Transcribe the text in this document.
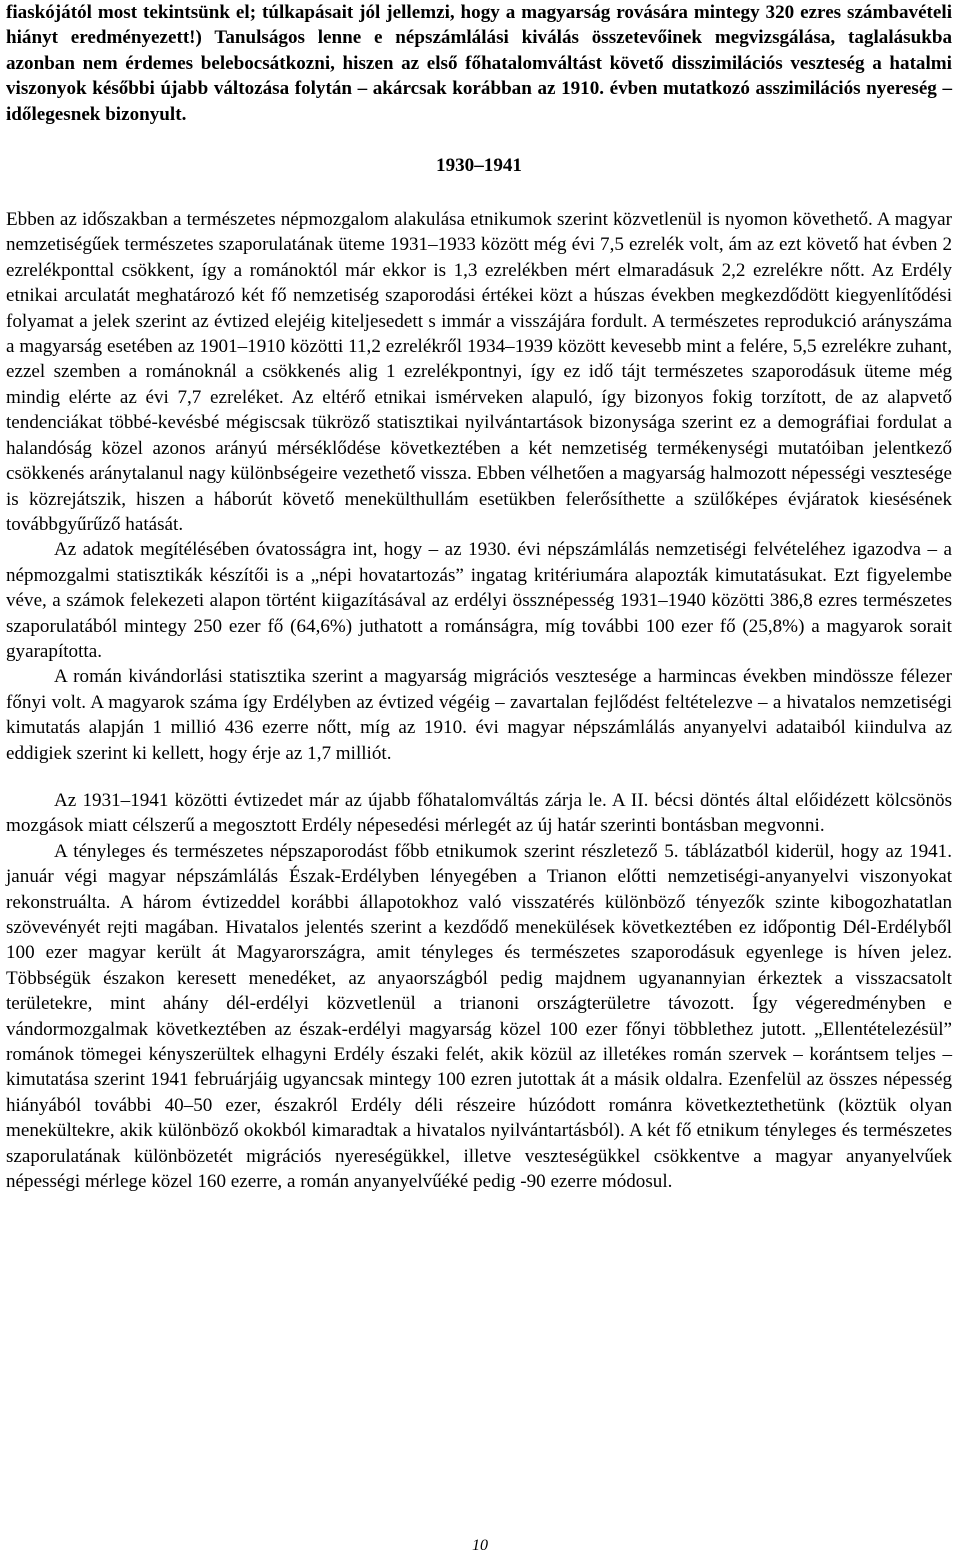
fiaskójától most tekintsünk el; túlkapásait jól jellemzi, hogy a magyarság rovására mintegy 320 ezres számbavételi hiányt eredményezett!) Tanulságos lenne e népszámlálási kiválás összetevőinek megvizsgálása, taglalásukba azonban nem érdemes belebocsátkozni, hiszen az első főhatalomváltást követő disszimilációs veszteség a hatalmi viszonyok későbbi újabb változása folytán – akárcsak korábban az 1910. évben mutatkozó asszimilációs nyereség – időlegesnek bizonyult.

1930–1941

Ebben az időszakban a természetes népmozgalom alakulása etnikumok szerint közvetlenül is nyomon követhető. A magyar nemzetiségűek természetes szaporulatának üteme 1931–1933 között még évi 7,5 ezrelék volt, ám az ezt követő hat évben 2 ezrelékponttal csökkent, így a románoktól már ekkor is 1,3 ezrelékben mért elmaradásuk 2,2 ezrelékre nőtt. Az Erdély etnikai arculatát meghatározó két fő nemzetiség szaporodási értékei közt a húszas években megkezdődött kiegyenlítődési folyamat a jelek szerint az évtized elejéig kiteljesedett s immár a visszájára fordult. A természetes reprodukció arányszáma a magyarság esetében az 1901–1910 közötti 11,2 ezrelékről 1934–1939 között kevesebb mint a felére, 5,5 ezrelékre zuhant, ezzel szemben a románoknál a csökkenés alig 1 ezrelékpontnyi, így ez idő tájt természetes szaporodásuk üteme még mindig elérte az évi 7,7 ezreléket. Az eltérő etnikai ismérveken alapuló, így bizonyos fokig torzított, de az alapvető tendenciákat többé-kevésbé mégiscsak tükröző statisztikai nyilvántartások bizonysága szerint ez a demográfiai fordulat a halandóság közel azonos arányú mérséklődése következtében a két nemzetiség termékenységi mutatóiban jelentkező csökkenés aránytalanul nagy különbségeire vezethető vissza. Ebben vélhetően a magyarság halmozott népességi vesztesége is közrejátszik, hiszen a háborút követő menekülthullám esetükben felerősíthette a szülőképes évjáratok kiesésének továbbgyűrűző hatását.

Az adatok megítélésében óvatosságra int, hogy – az 1930. évi népszámlálás nemzetiségi felvételéhez igazodva – a népmozgalmi statisztikák készítői is a „népi hovatartozás” ingatag kritériumára alapozták kimutatásukat. Ezt figyelembe véve, a számok felekezeti alapon történt kiigazításával az erdélyi össznépesség 1931–1940 közötti 386,8 ezres természetes szaporulatából mintegy 250 ezer fő (64,6%) juthatott a románságra, míg további 100 ezer fő (25,8%) a magyarok sorait gyarapította.

A román kivándorlási statisztika szerint a magyarság migrációs vesztesége a harmincas években mindössze félezer főnyi volt. A magyarok száma így Erdélyben az évtized végéig – zavartalan fejlődést feltételezve – a hivatalos nemzetiségi kimutatás alapján 1 millió 436 ezerre nőtt, míg az 1910. évi magyar népszámlálás anyanyelvi adataiból kiindulva az eddigiek szerint ki kellett, hogy érje az 1,7 milliót.

Az 1931–1941 közötti évtizedet már az újabb főhatalomváltás zárja le. A II. bécsi döntés által előidézett kölcsönös mozgások miatt célszerű a megosztott Erdély népesedési mérlegét az új határ szerinti bontásban megvonni.

A tényleges és természetes népszaporodást főbb etnikumok szerint részletező 5. táblázatból kiderül, hogy az 1941. január végi magyar népszámlálás Észak-Erdélyben lényegében a Trianon előtti nemzetiségi-anyanyelvi viszonyokat rekonstruálta. A három évtizeddel korábbi állapotokhoz való visszatérés különböző tényezők szinte kibogozhatatlan szövevényét rejti magában. Hivatalos jelentés szerint a kezdődő menekülések következtében ez időpontig Dél-Erdélyből 100 ezer magyar került át Magyarországra, amit tényleges és természetes szaporodásuk egyenlege is híven jelez. Többségük északon keresett menedéket, az anyaországból pedig majdnem ugyanannyian érkeztek a visszacsatolt területekre, mint ahány dél-erdélyi közvetlenül a trianoni országterületre távozott. Így végeredményben e vándormozgalmak következtében az észak-erdélyi magyarság közel 100 ezer főnyi többlethez jutott. „Ellentételezésül” románok tömegei kényszerültek elhagyni Erdély északi felét, akik közül az illetékes román szervek – korántsem teljes – kimutatása szerint 1941 februárjáig ugyancsak mintegy 100 ezren jutottak át a másik oldalra. Ezenfelül az összes népesség hiányából további 40–50 ezer, északról Erdély déli részeire húzódott románra következtethetünk (köztük olyan menekültekre, akik különböző okokból kimaradtak a hivatalos nyilvántartásból). A két fő etnikum tényleges és természetes szaporulatának különbözetét migrációs nyereségükkel, illetve veszteségükkel csökkentve a magyar anyanyelvűek népességi mérlege közel 160 ezerre, a román anyanyelvűéké pedig -90 ezerre módosul.

10
